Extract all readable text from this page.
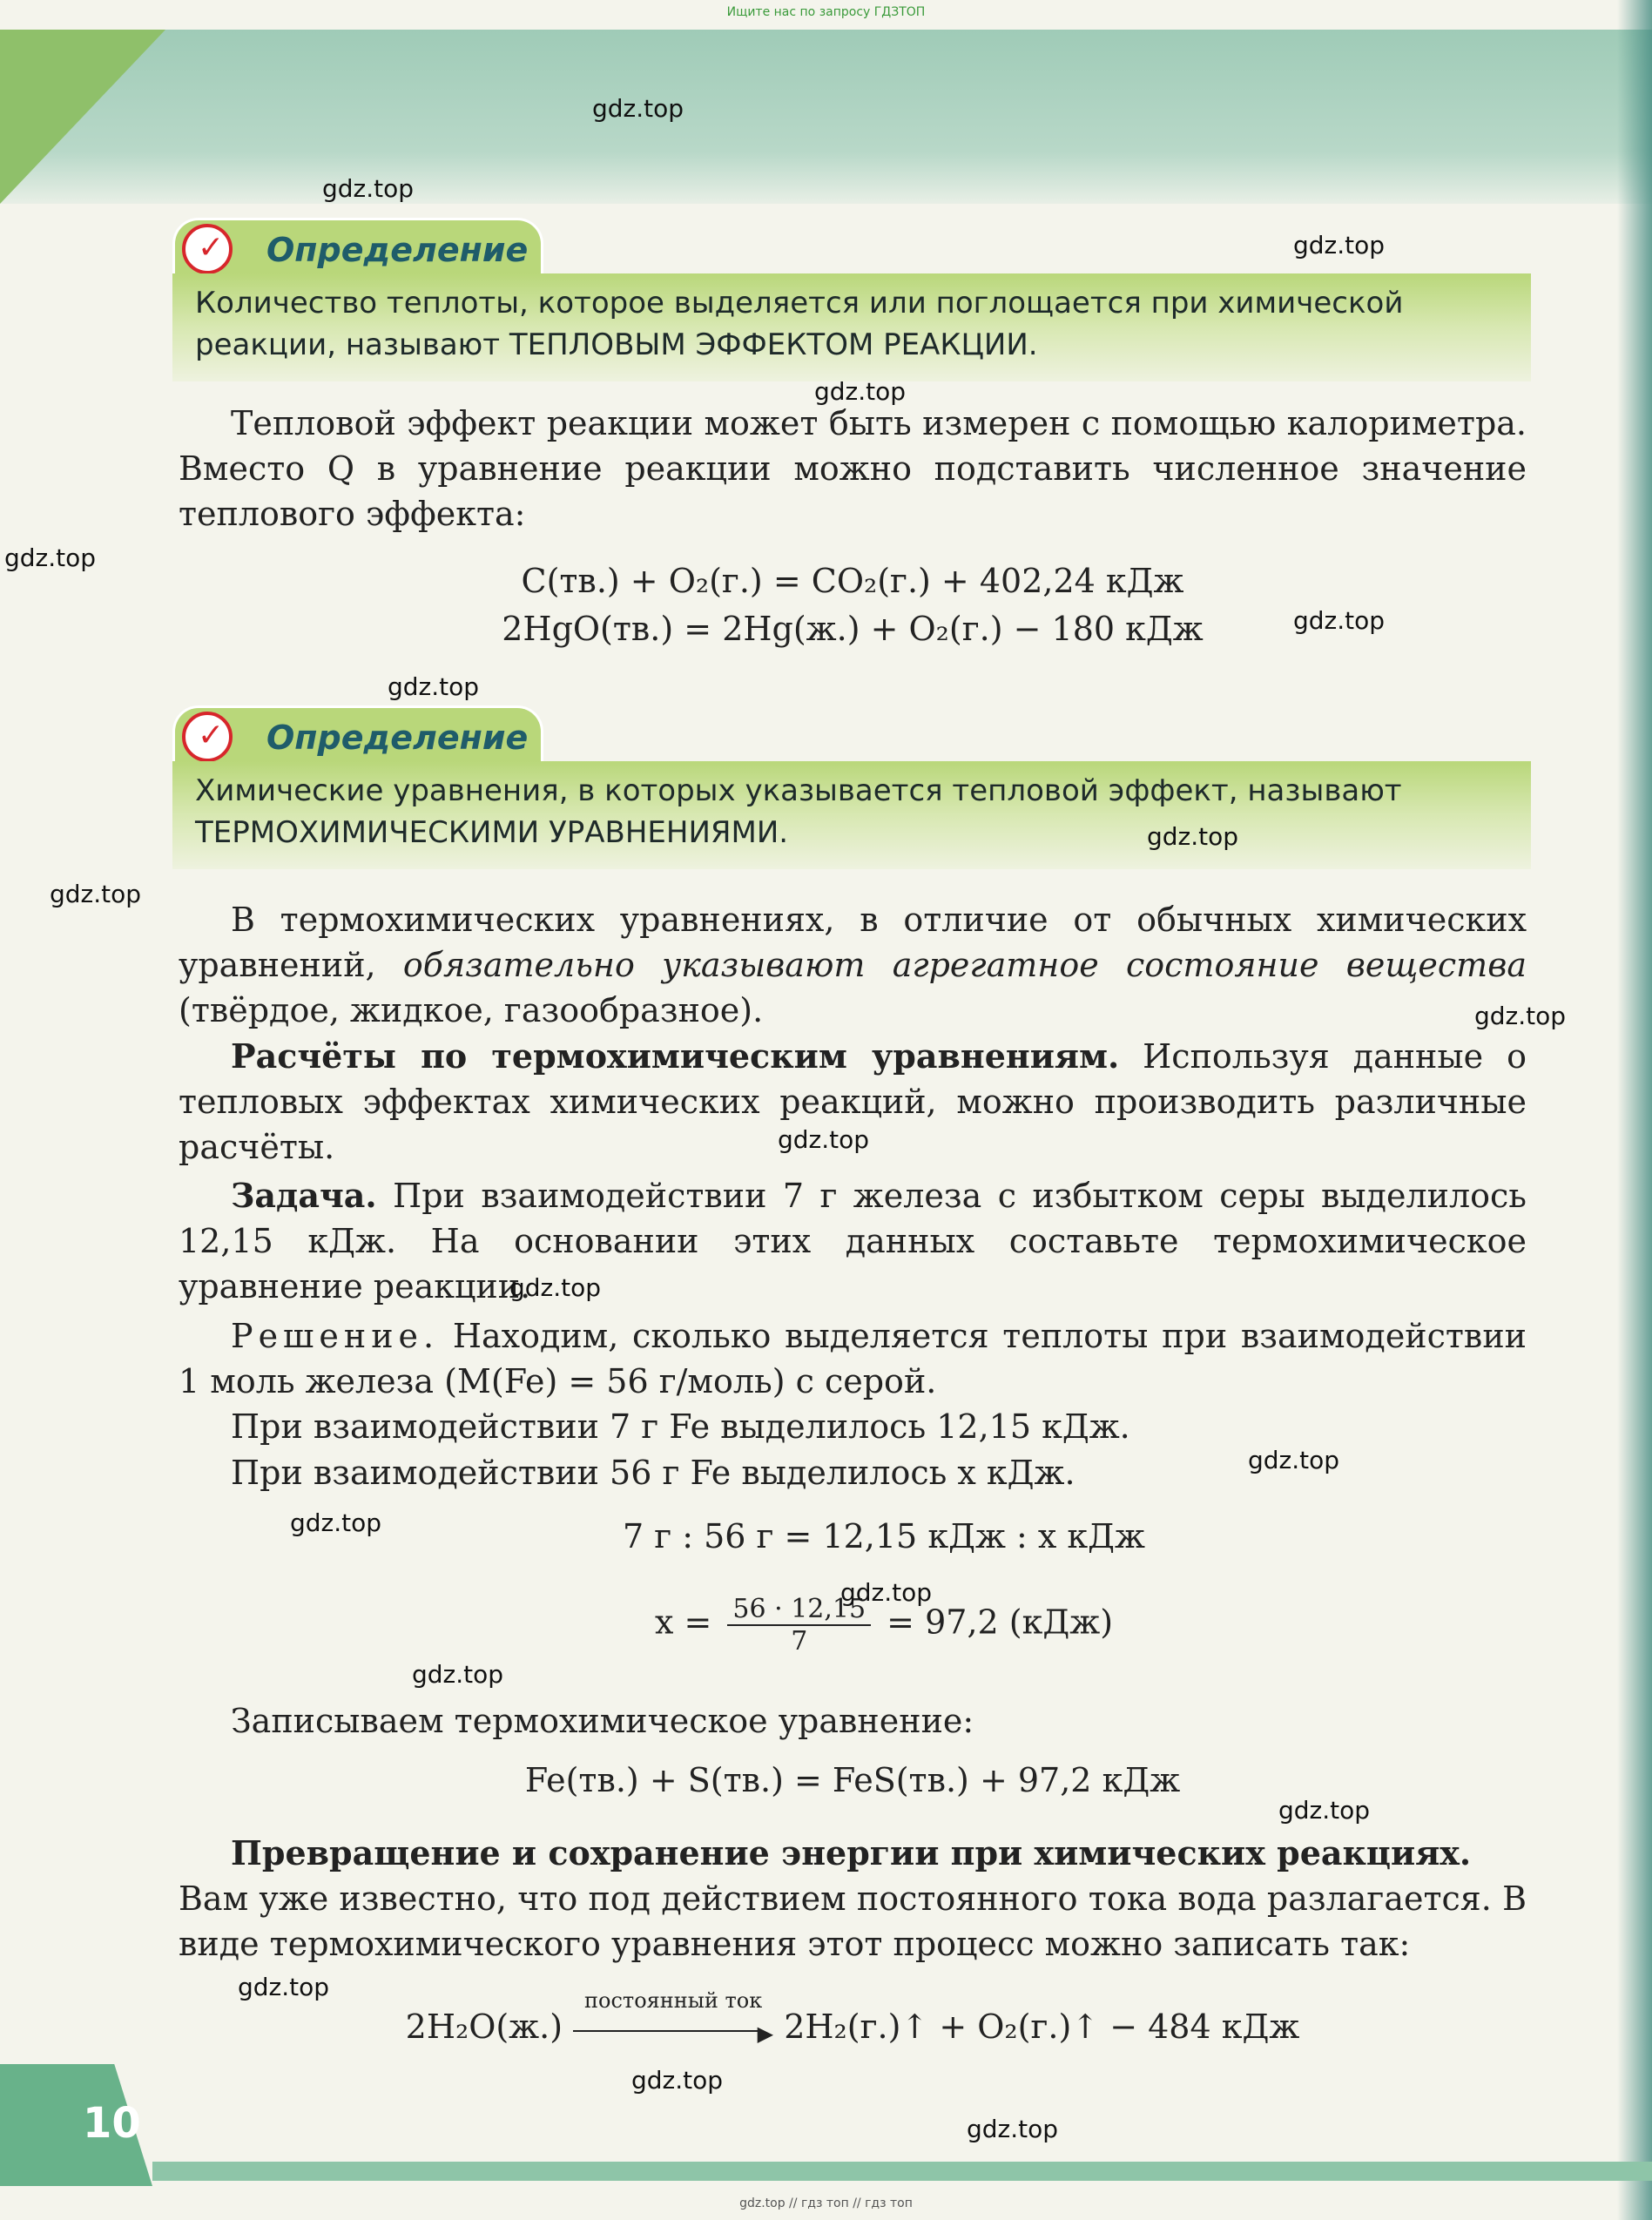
Ищите нас по запросу ГДЗТОП
✓ Определение
Количество теплоты, которое выделяется или поглощается при химической реакции, называют ТЕПЛОВЫМ ЭФФЕКТОМ РЕАКЦИИ.
Тепловой эффект реакции может быть измерен с помощью калориметра. Вместо Q в уравнение реакции можно подставить численное значение теплового эффекта:
C(тв.) + O₂(г.) = CO₂(г.) + 402,24 кДж
2HgO(тв.) = 2Hg(ж.) + O₂(г.) − 180 кДж
✓ Определение
Химические уравнения, в которых указывается тепловой эффект, называют ТЕРМОХИМИЧЕСКИМИ УРАВНЕНИЯМИ.
В термохимических уравнениях, в отличие от обычных химических уравнений, обязательно указывают агрегатное состояние вещества (твёрдое, жидкое, газообразное).
Расчёты по термохимическим уравнениям. Используя данные о тепловых эффектах химических реакций, можно производить различные расчёты.
Задача. При взаимодействии 7 г железа с избытком серы выделилось 12,15 кДж. На основании этих данных составьте термохимическое уравнение реакции.
Решение. Находим, сколько выделяется теплоты при взаимодействии 1 моль железа (M(Fe) = 56 г/моль) с серой.
При взаимодействии 7 г Fe выделилось 12,15 кДж.
При взаимодействии 56 г Fe выделилось x кДж.
7 г : 56 г = 12,15 кДж : x кДж
$x = \frac{56 \cdot 12,15}{7} = 97,2$ (кДж)
Записываем термохимическое уравнение:
Fe(тв.) + S(тв.) = FeS(тв.) + 97,2 кДж
Превращение и сохранение энергии при химических реакциях.
Вам уже известно, что под действием постоянного тока вода разлагается. В виде термохимического уравнения этот процесс можно записать так:
2H₂O(ж.)
постоянный ток
▶ 2H₂(г.)↑ + O₂(г.)↑ − 484 кДж
gdz.top
gdz.top
gdz.top
gdz.top
gdz.top
gdz.top
gdz.top
gdz.top
gdz.top
gdz.top
gdz.top
gdz.top
gdz.top
gdz.top
gdz.top
gdz.top
gdz.top
gdz.top
gdz.top
gdz.top
10
gdz.top // гдз топ // гдз топ
